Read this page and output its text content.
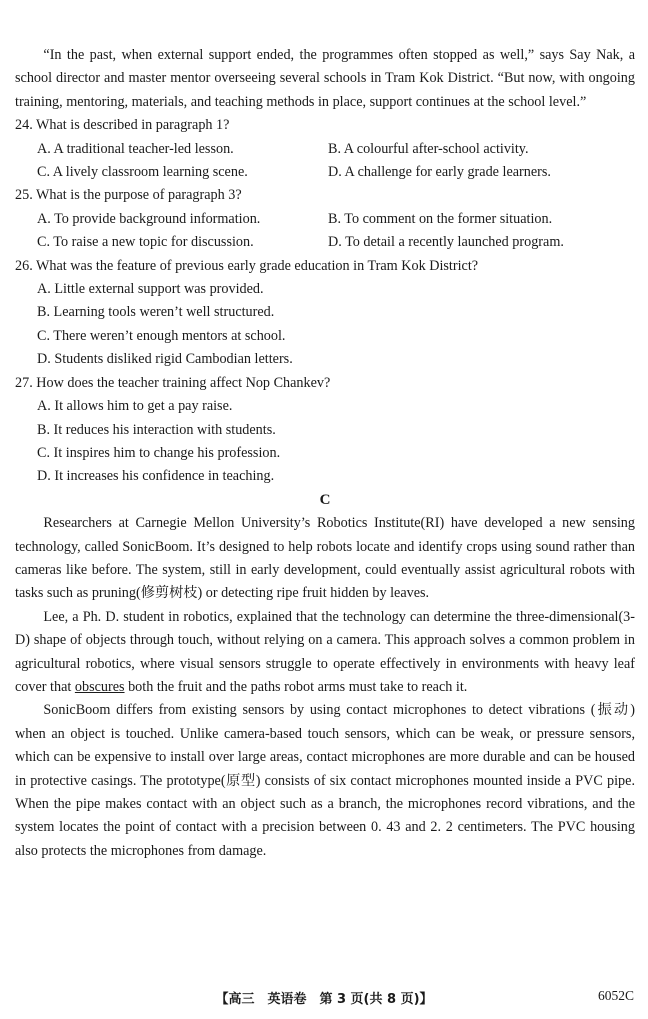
“In the past, when external support ended, the programmes often stopped as well,” says Say Nak, a school director and master mentor overseeing several schools in Tram Kok District. “But now, with ongoing training, mentoring, materials, and teaching methods in place, support continues at the school level.”

24. What is described in paragraph 1?

A. A traditional teacher-led lesson.	B. A colourful after-school activity.
C. A lively classroom learning scene.	D. A challenge for early grade learners.

25. What is the purpose of paragraph 3?

A. To provide background information.	B. To comment on the former situation.
C. To raise a new topic for discussion.	D. To detail a recently launched program.

26. What was the feature of previous early grade education in Tram Kok District?

A. Little external support was provided.

B. Learning tools weren’t well structured.

C. There weren’t enough mentors at school.

D. Students disliked rigid Cambodian letters.

27. How does the teacher training affect Nop Chankev?

A. It allows him to get a pay raise.

B. It reduces his interaction with students.

C. It inspires him to change his profession.

D. It increases his confidence in teaching.

C

Researchers at Carnegie Mellon University’s Robotics Institute(RI) have developed a new sensing technology, called SonicBoom. It’s designed to help robots locate and identify crops using sound rather than cameras like before. The system, still in early development, could eventually assist agricultural robots with tasks such as pruning(修剪树枝) or detecting ripe fruit hidden by leaves.

Lee, a Ph. D. student in robotics, explained that the technology can determine the three-dimensional(3-D) shape of objects through touch, without relying on a camera. This approach solves a common problem in agricultural robotics, where visual sensors struggle to operate effectively in environments with heavy leaf cover that obscures both the fruit and the paths robot arms must take to reach it.

SonicBoom differs from existing sensors by using contact microphones to detect vibrations (振动) when an object is touched. Unlike camera-based touch sensors, which can be weak, or pressure sensors, which can be expensive to install over large areas, contact microphones are more durable and can be housed in protective casings. The prototype(原型) consists of six contact microphones mounted inside a PVC pipe. When the pipe makes contact with an object such as a branch, the microphones record vibrations, and the system locates the point of contact with a precision between 0. 43 and 2. 2 centimeters. The PVC housing also protects the microphones from damage.

【高三　英语卷　第 3 页(共 8 页)】	6052C
